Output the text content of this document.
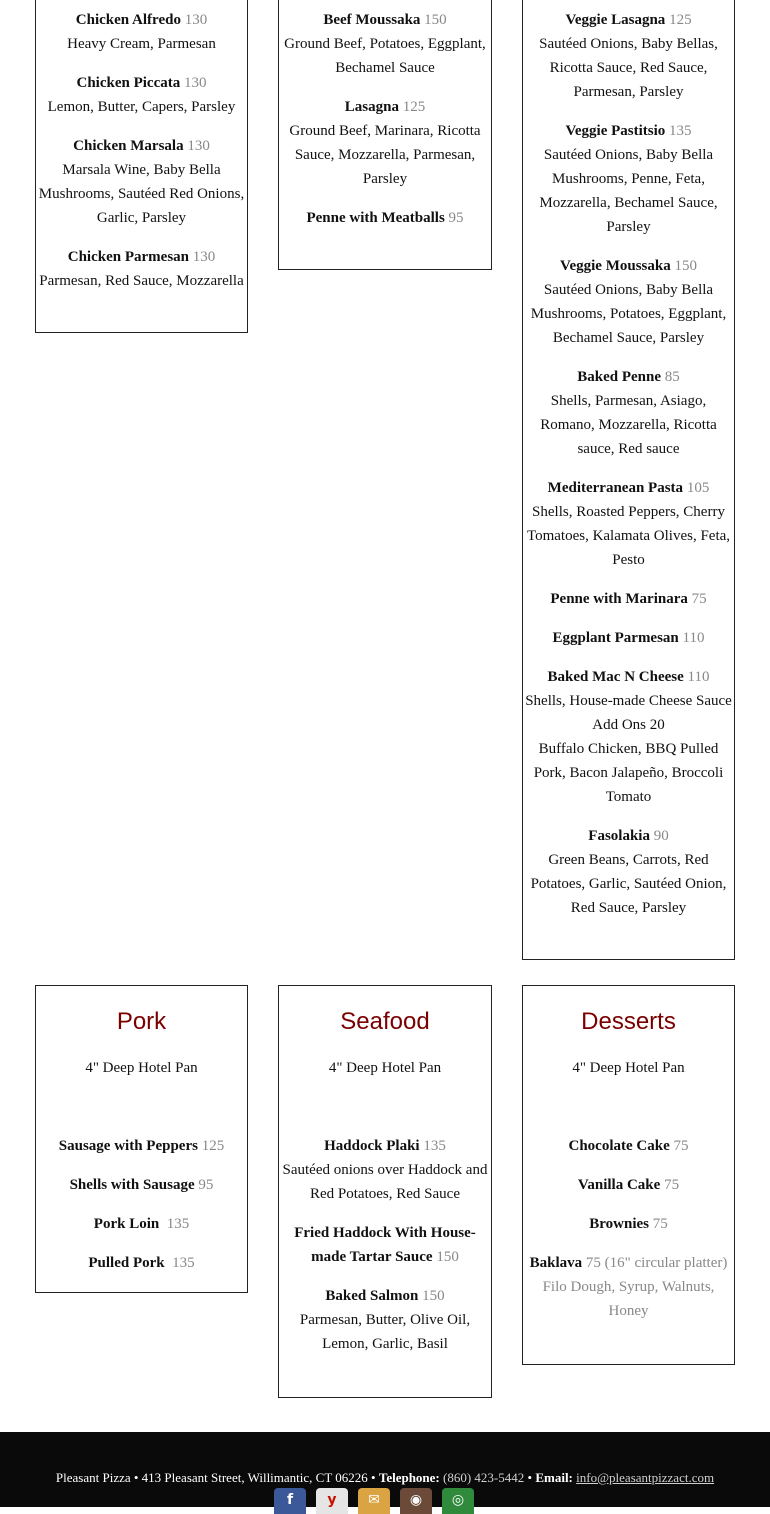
Chicken Alfredo 130
Heavy Cream, Parmesan
Chicken Piccata 130
Lemon, Butter, Capers, Parsley
Chicken Marsala 130
Marsala Wine, Baby Bella Mushrooms, Sautéed Red Onions, Garlic, Parsley
Chicken Parmesan 130
Parmesan, Red Sauce, Mozzarella
Beef Moussaka 150
Ground Beef, Potatoes, Eggplant, Bechamel Sauce
Lasagna 125
Ground Beef, Marinara, Ricotta Sauce, Mozzarella, Parmesan, Parsley
Penne with Meatballs 95
Veggie Lasagna 125
Sautéed Onions, Baby Bellas, Ricotta Sauce, Red Sauce, Parmesan, Parsley
Veggie Pastitsio 135
Sautéed Onions, Baby Bella Mushrooms, Penne, Feta, Mozzarella, Bechamel Sauce, Parsley
Veggie Moussaka 150
Sautéed Onions, Baby Bella Mushrooms, Potatoes, Eggplant, Bechamel Sauce, Parsley
Baked Penne 85
Shells, Parmesan, Asiago, Romano, Mozzarella, Ricotta sauce, Red sauce
Mediterranean Pasta 105
Shells, Roasted Peppers, Cherry Tomatoes, Kalamata Olives, Feta, Pesto
Penne with Marinara 75
Eggplant Parmesan 110
Baked Mac N Cheese 110
Shells, House-made Cheese Sauce
Add Ons 20
Buffalo Chicken, BBQ Pulled Pork, Bacon Jalapeño, Broccoli Tomato
Fasolakia 90
Green Beans, Carrots, Red Potatoes, Garlic, Sautéed Onion, Red Sauce, Parsley
Pork
4" Deep Hotel Pan
Sausage with Peppers 125
Shells with Sausage 95
Pork Loin 135
Pulled Pork 135
Seafood
4" Deep Hotel Pan
Haddock Plaki 135
Sautéed onions over Haddock and Red Potatoes, Red Sauce
Fried Haddock With House-made Tartar Sauce 150
Baked Salmon 150
Parmesan, Butter, Olive Oil, Lemon, Garlic, Basil
Desserts
4" Deep Hotel Pan
Chocolate Cake 75
Vanilla Cake 75
Brownies 75
Baklava 75 (16" circular platter)
Filo Dough, Syrup, Walnuts, Honey
Pleasant Pizza • 413 Pleasant Street, Willimantic, CT 06226 • Telephone: (860) 423-5442 • Email: info@pleasantpizzact.com
f	y	✉	◉	◎
